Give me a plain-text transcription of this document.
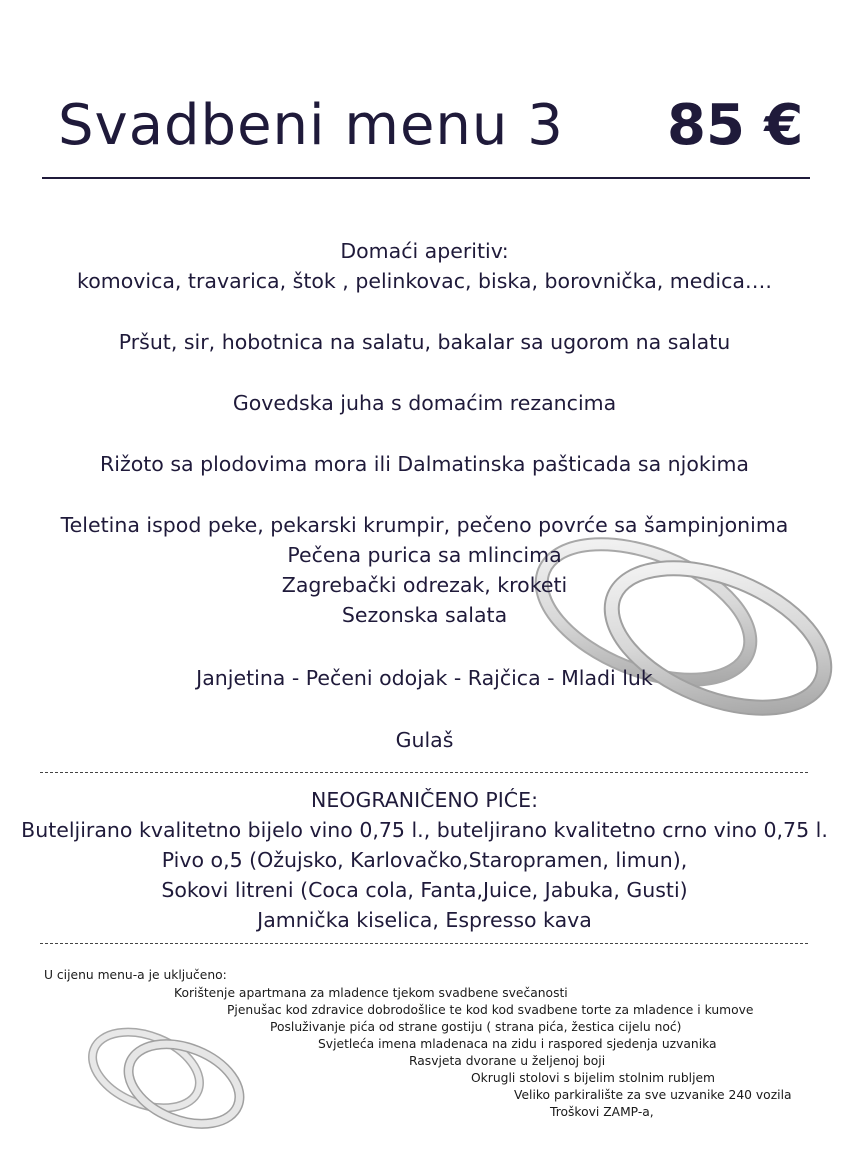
Svadbeni menu 3 85 €
Domaći aperitiv:
komovica, travarica, štok , pelinkovac, biska, borovnička, medica….
Pršut, sir, hobotnica na salatu, bakalar sa ugorom na salatu
Govedska juha s domaćim rezancima
Rižoto sa plodovima mora ili Dalmatinska pašticada sa njokima
Teletina ispod peke, pekarski krumpir, pečeno povrće sa šampinjonima
Pečena purica sa mlincima
Zagrebački odrezak, kroketi
Sezonska salata
Janjetina - Pečeni odojak - Rajčica - Mladi luk
Gulaš
NEOGRANIČENO PIĆE:
Buteljirano kvalitetno bijelo vino 0,75 l., buteljirano kvalitetno crno vino 0,75 l.
Pivo o,5 (Ožujsko, Karlovačko,Staropramen, limun),
Sokovi litreni (Coca cola, Fanta,Juice, Jabuka, Gusti)
Jamnička kiselica, Espresso kava
U cijenu menu-a je uključeno:
Korištenje apartmana za mladence tjekom svadbene svečanosti
Pjenušac kod zdravice dobrodošlice te kod kod svadbene torte za mladence i kumove
Posluživanje pića od strane gostiju ( strana pića, žestica cijelu noć)
Svjetleća imena mladenaca na zidu i raspored sjedenja uzvanika
Rasvjeta dvorane u željenoj boji
Okrugli stolovi s bijelim stolnim rubljem
Veliko parkiralište za sve uzvanike 240 vozila
Troškovi ZAMP-a,
